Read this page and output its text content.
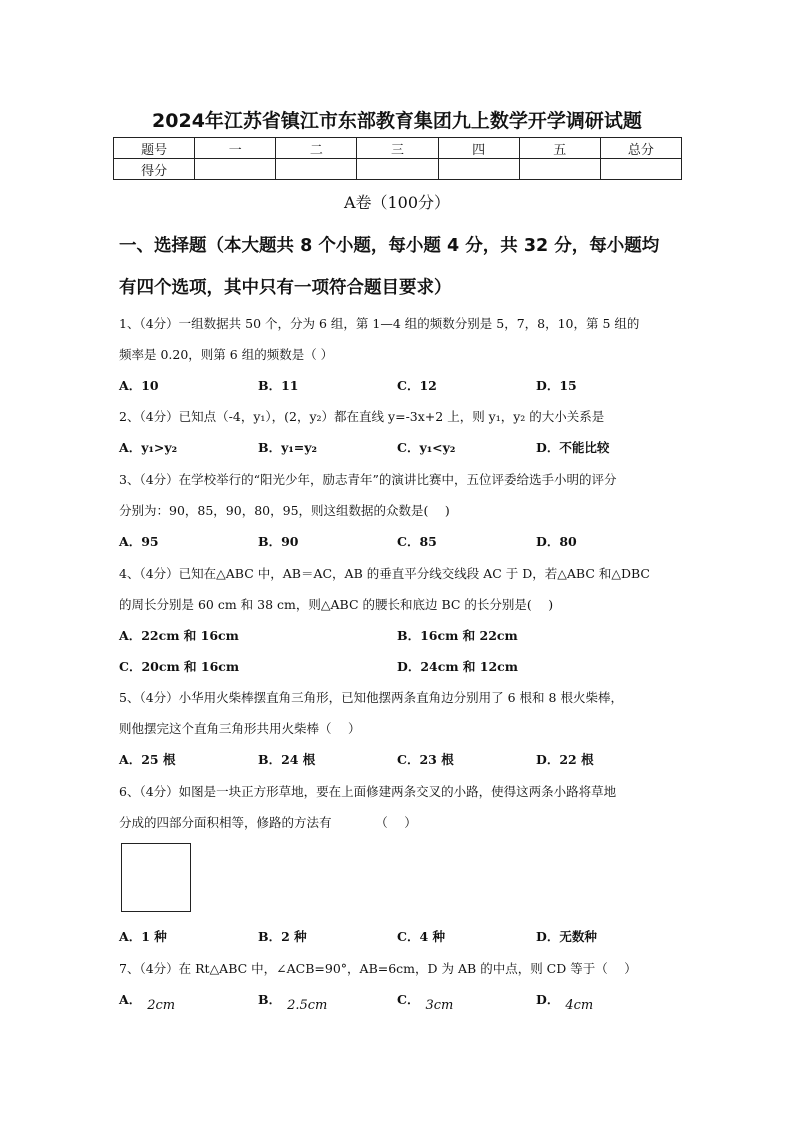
2024年江苏省镇江市东部教育集团九上数学开学调研试题
题号	一	二	三	四	五	总分
得分						
A卷（100分）
一、选择题（本大题共 8 个小题，每小题 4 分，共 32 分，每小题均
有四个选项，其中只有一项符合题目要求）
1、（4分）一组数据共 50 个，分为 6 组，第 1—4 组的频数分别是 5，7，8，10，第 5 组的
频率是 0.20，则第 6 组的频数是（ ）
A．10	B．11	C．12	D．15
2、（4分）已知点（-4，y₁），(2，y₂）都在直线 y=-3x+2 上，则 y₁，y₂ 的大小关系是
A．y₁>y₂	B．y₁=y₂	C．y₁<y₂	D．不能比较
3、（4分）在学校举行的“阳光少年，励志青年”的演讲比赛中，五位评委给选手小明的评分
分别为：90，85，90，80，95，则这组数据的众数是(　 )
A．95	B．90	C．85	D．80
4、（4分）已知在△ABC 中，AB＝AC，AB 的垂直平分线交线段 AC 于 D，若△ABC 和△DBC
的周长分别是 60 cm 和 38 cm，则△ABC 的腰长和底边 BC 的长分别是(　 )
A．22cm 和 16cm	B．16cm 和 22cm
C．20cm 和 16cm	D．24cm 和 12cm
5、（4分）小华用火柴棒摆直角三角形，已知他摆两条直角边分别用了 6 根和 8 根火柴棒，
则他摆完这个直角三角形共用火柴棒（　 ）
A．25 根	B．24 根	C．23 根	D．22 根
6、（4分）如图是一块正方形草地，要在上面修建两条交叉的小路，使得这两条小路将草地
分成的四部分面积相等，修路的方法有　　　　（　 ）
A．1 种	B．2 种	C．4 种	D．无数种
7、（4分）在 Rt△ABC 中，∠ACB=90°，AB=6cm，D 为 AB 的中点，则 CD 等于（　 ）
A． 2cm	B． 2.5cm	C． 3cm	D． 4cm
